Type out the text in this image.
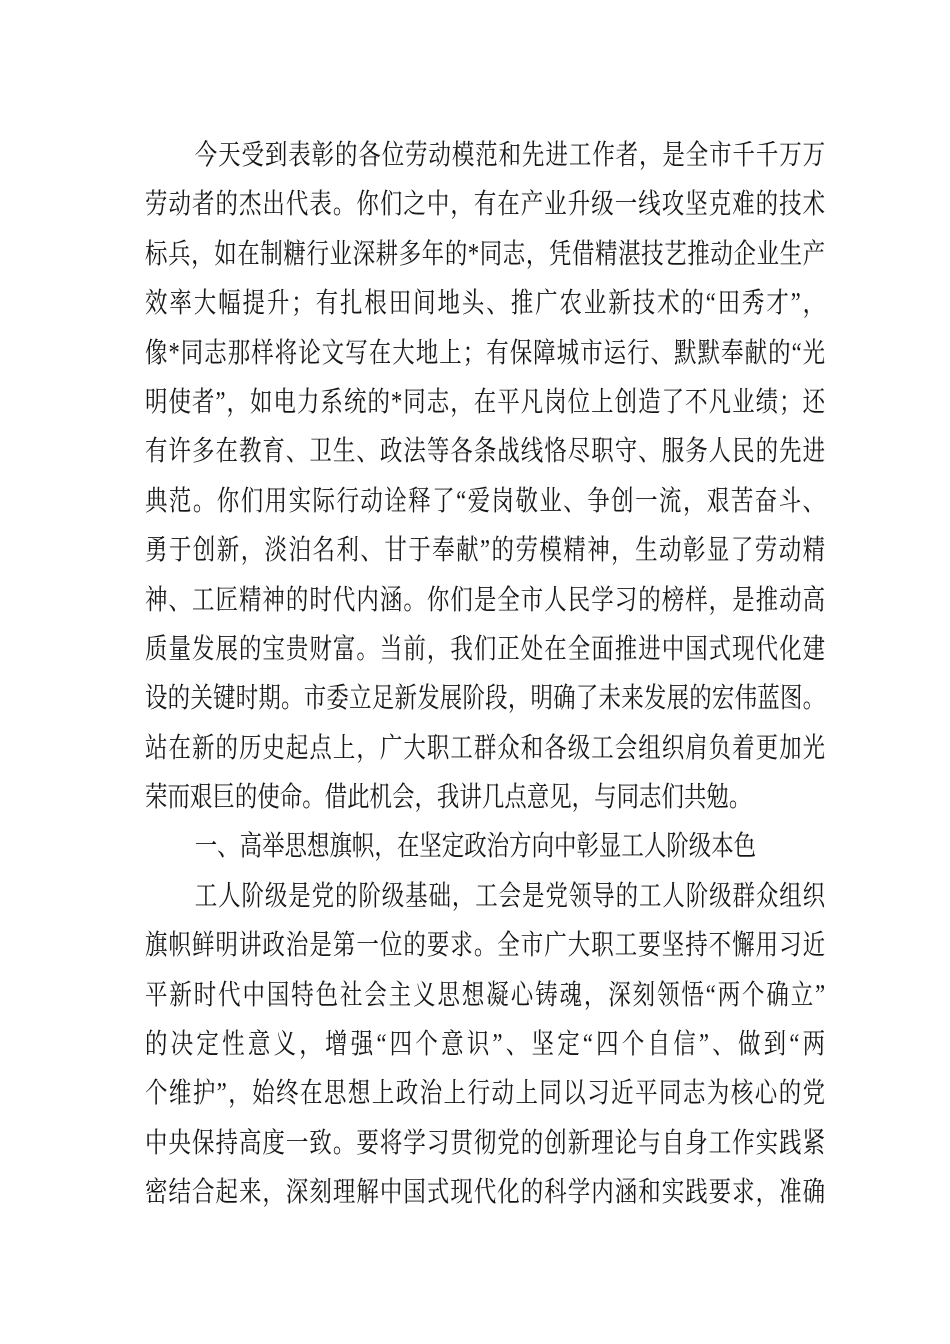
今天受到表彰的各位劳动模范和先进工作者，是全市千千万万
劳动者的杰出代表。你们之中，有在产业升级一线攻坚克难的技术
标兵，如在制糖行业深耕多年的*同志，凭借精湛技艺推动企业生产
效率大幅提升；有扎根田间地头、推广农业新技术的“田秀才”，
像*同志那样将论文写在大地上；有保障城市运行、默默奉献的“光
明使者”，如电力系统的*同志，在平凡岗位上创造了不凡业绩；还
有许多在教育、卫生、政法等各条战线恪尽职守、服务人民的先进
典范。你们用实际行动诠释了“爱岗敬业、争创一流，艰苦奋斗、
勇于创新，淡泊名利、甘于奉献”的劳模精神，生动彰显了劳动精
神、工匠精神的时代内涵。你们是全市人民学习的榜样，是推动高
质量发展的宝贵财富。当前，我们正处在全面推进中国式现代化建
设的关键时期。市委立足新发展阶段，明确了未来发展的宏伟蓝图。
站在新的历史起点上，广大职工群众和各级工会组织肩负着更加光
荣而艰巨的使命。借此机会，我讲几点意见，与同志们共勉。
一、高举思想旗帜，在坚定政治方向中彰显工人阶级本色
工人阶级是党的阶级基础，工会是党领导的工人阶级群众组织
旗帜鲜明讲政治是第一位的要求。全市广大职工要坚持不懈用习近
平新时代中国特色社会主义思想凝心铸魂，深刻领悟“两个确立”
的决定性意义，增强“四个意识”、坚定“四个自信”、做到“两
个维护”，始终在思想上政治上行动上同以习近平同志为核心的党
中央保持高度一致。要将学习贯彻党的创新理论与自身工作实践紧
密结合起来，深刻理解中国式现代化的科学内涵和实践要求，准确
